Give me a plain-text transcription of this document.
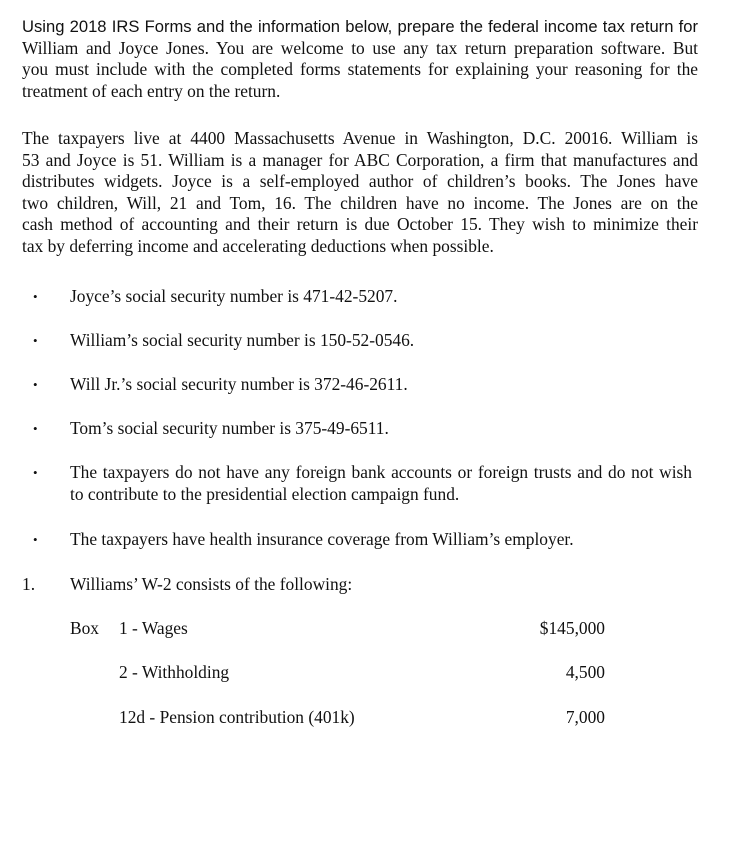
Using 2018 IRS Forms and the information below, prepare the federal income tax return for
William and Joyce Jones. You are welcome to use any tax return preparation software. But
you must include with the completed forms statements for explaining your reasoning for the
treatment of each entry on the return.

The taxpayers live at 4400 Massachusetts Avenue in Washington, D.C. 20016. William is
53 and Joyce is 51. William is a manager for ABC Corporation, a firm that manufactures and
distributes widgets. Joyce is a self-employed author of children’s books. The Jones have
two children, Will, 21 and Tom, 16. The children have no income. The Jones are on the
cash method of accounting and their return is due October 15. They wish to minimize their
tax by deferring income and accelerating deductions when possible.

• Joyce’s social security number is 471-42-5207.
• William’s social security number is 150-52-0546.
• Will Jr.’s social security number is 372-46-2611.
• Tom’s social security number is 375-49-6511.
• The taxpayers do not have any foreign bank accounts or foreign trusts and do not wish
to contribute to the presidential election campaign fund.
• The taxpayers have health insurance coverage from William’s employer.
1. Williams’ W-2 consists of the following:
Box 1 - Wages	$145,000
2 - Withholding	4,500
12d - Pension contribution (401k)	7,000
